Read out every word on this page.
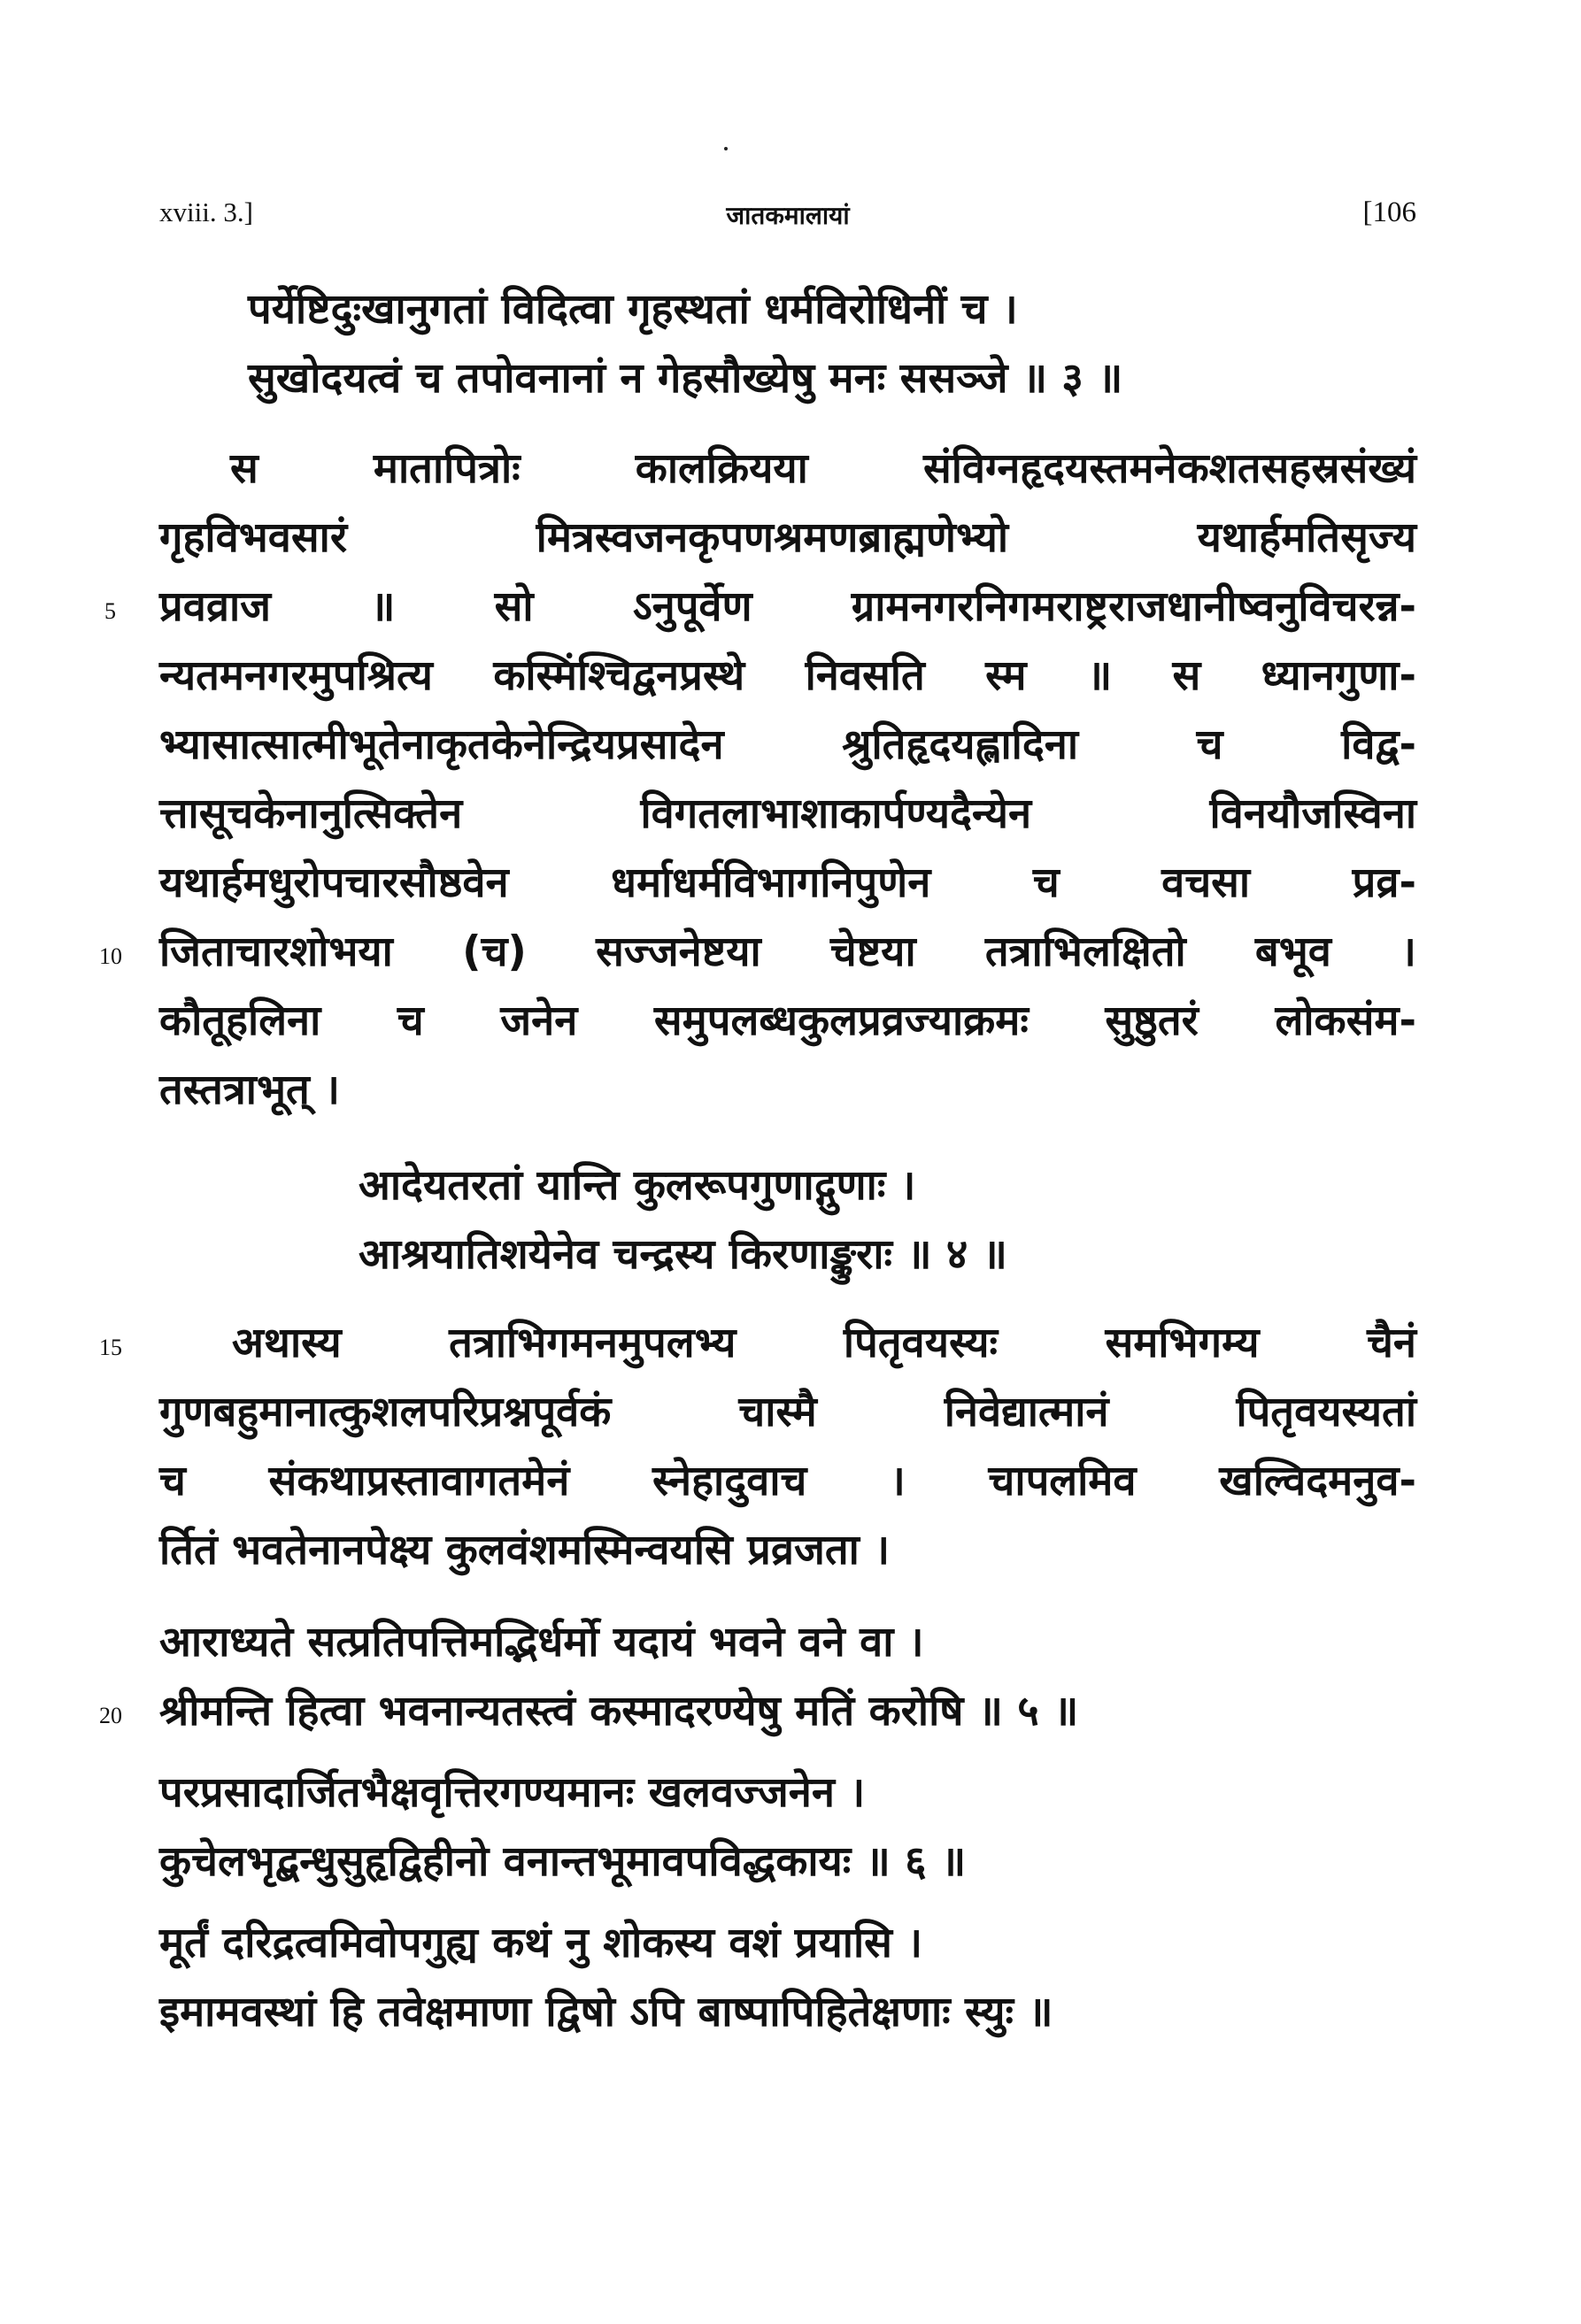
xviii. 3.]	जातकमालायां	[106
पर्येष्टिदुःखानुगतां विदित्वा गृहस्थतां धर्मविरोधिनीं च ।
सुखोदयत्वं च तपोवनानां न गेहसौख्येषु मनः ससञ्जे ॥ ३ ॥
स मातापित्रोः कालक्रियया संविग्नहृदयस्तमनेकशतसहस्रसंख्यं
गृहविभवसारं मित्रस्वजनकृपणश्रमणब्राह्मणेभ्यो यथार्हमतिसृज्य
प्रवव्राज ॥ सो ऽनुपूर्वेण ग्रामनगरनिगमराष्ट्रराजधानीष्वनुविचरन्न-
न्यतमनगरमुपश्रित्य कस्मिंश्चिद्वनप्रस्थे निवसति स्म ॥ स ध्यानगुणा-
भ्यासात्सात्मीभूतेनाकृतकेनेन्द्रियप्रसादेन श्रुतिहृदयह्लादिना च विद्व-
त्तासूचकेनानुत्सिक्तेन विगतलाभाशाकार्पण्यदैन्येन विनयौजस्विना
यथार्हमधुरोपचारसौष्ठवेन धर्माधर्मविभागनिपुणेन च वचसा प्रव्र-
जिताचारशोभया (च) सज्जनेष्टया चेष्टया तत्राभिलक्षितो बभूव ।
कौतूहलिना च जनेन समुपलब्धकुलप्रव्रज्याक्रमः सुष्ठुतरं लोकसंम-
तस्तत्राभूत् ।
आदेयतरतां यान्ति कुलरूपगुणाद्गुणाः ।
आश्रयातिशयेनेव चन्द्रस्य किरणाङ्कुराः ॥ ४ ॥
अथास्य तत्राभिगमनमुपलभ्य पितृवयस्यः समभिगम्य चैनं
गुणबहुमानात्कुशलपरिप्रश्नपूर्वकं चास्मै निवेद्यात्मानं पितृवयस्यतां
च संकथाप्रस्तावागतमेनं स्नेहादुवाच । चापलमिव खल्विदमनुव-
र्तितं भवतेनानपेक्ष्य कुलवंशमस्मिन्वयसि प्रव्रजता ।
आराध्यते सत्प्रतिपत्तिमद्भिर्धर्मो यदायं भवने वने वा ।
श्रीमन्ति हित्वा भवनान्यतस्त्वं कस्मादरण्येषु मतिं करोषि ॥ ५ ॥
परप्रसादार्जितभैक्षवृत्तिरगण्यमानः खलवज्जनेन ।
कुचेलभृद्बन्धुसुहृद्विहीनो वनान्तभूमावपविद्धकायः ॥ ६ ॥
मूर्तं दरिद्रत्वमिवोपगुह्य कथं नु शोकस्य वशं प्रयासि ।
इमामवस्थां हि तवेक्षमाणा द्विषो ऽपि बाष्पापिहितेक्षणाः स्युः ॥
5
10
15
20
